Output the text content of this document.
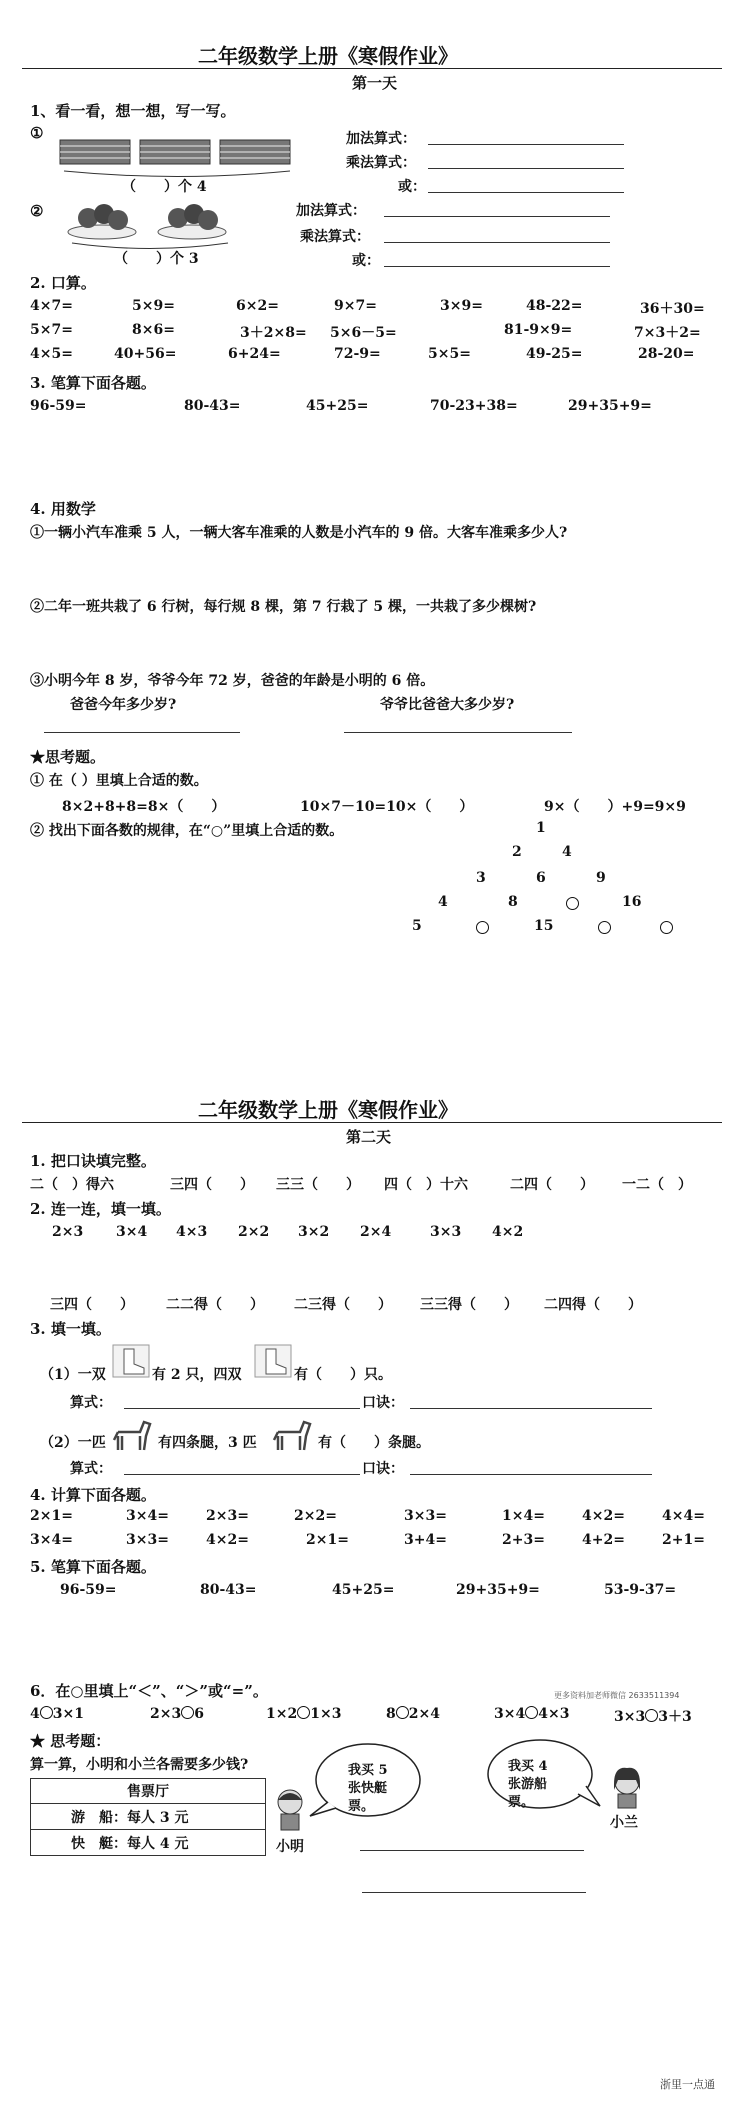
二年级数学上册《寒假作业》
第一天
1、看一看，想一想，写一写。
①
（　　）个 4
加法算式：
乘法算式：
或：
②
（　　）个 3
加法算式：
乘法算式：
或：
2. 口算。
4×7=	5×9=	6×2=	9×7=	3×9=	48-22=	36＋30=
5×7=	8×6=	3＋2×8= 5×6－5=	81-9×9=	7×3＋2=
4×5=	40+56=	6+24=	72-9=	5×5=	49-25=	28-20=
3. 笔算下面各题。
96-59=	80-43=	45+25=	70-23+38=	29+35+9=
4. 用数学
①一辆小汽车准乘 5 人，一辆大客车准乘的人数是小汽车的 9 倍。大客车准乘多少人?
②二年一班共栽了 6 行树，每行规 8 棵，第 7 行栽了 5 棵，一共栽了多少棵树?
③小明今年 8 岁，爷爷今年 72 岁，爸爸的年龄是小明的 6 倍。
爸爸今年多少岁?	爷爷比爸爸大多少岁?
★思考题。
① 在（ ）里填上合适的数。
8×2+8+8=8×（　　）	10×7－10=10×（　　）	9×（　　）+9=9×9
② 找出下面各数的规律，在“○”里填上合适的数。	1
2	4
3	6	9
4	8	16
5	15
二年级数学上册《寒假作业》
第二天
1. 把口诀填完整。
二（　）得六	三四（　　） 三三（　　） 四（　）十六	二四（　　） 一二（　）
2. 连一连，填一填。
2×3 3×4 4×3 2×2 3×2 2×4	3×3 4×2
三四（　　） 二二得（　　） 二三得（　　） 三三得（　　） 二四得（　　）
3. 填一填。
（1）一双	有 2 只，四双	有（　　）只。
算式：	口诀：
（2）一匹	有四条腿，3 匹	有（　　）条腿。
算式：	口诀：
4. 计算下面各题。
2×1=	3×4=	2×3=	2×2=	3×3=	1×4=	4×2=	4×4=
3×4=	3×3=	4×2=	2×1=	3+4=	2+3=	4+2=	2+1=
5. 笔算下面各题。
96-59=	80-43=	45+25=	29+35+9=	53-9-37=
6．在○里填上“＜”、“＞”或“=”。	更多资料加老师微信 2633511394
4 3×1	2×3 6	1×2 1×3	8 2×4	3×4 4×3	3×3 3＋3
★ 思考题：
算一算，小明和小兰各需要多少钱?
售票厅
游　船：每人 3 元
快　艇：每人 4 元	小明
我买 5 张快艇票。
我买 4 张游船票。
小兰
浙里一点通
